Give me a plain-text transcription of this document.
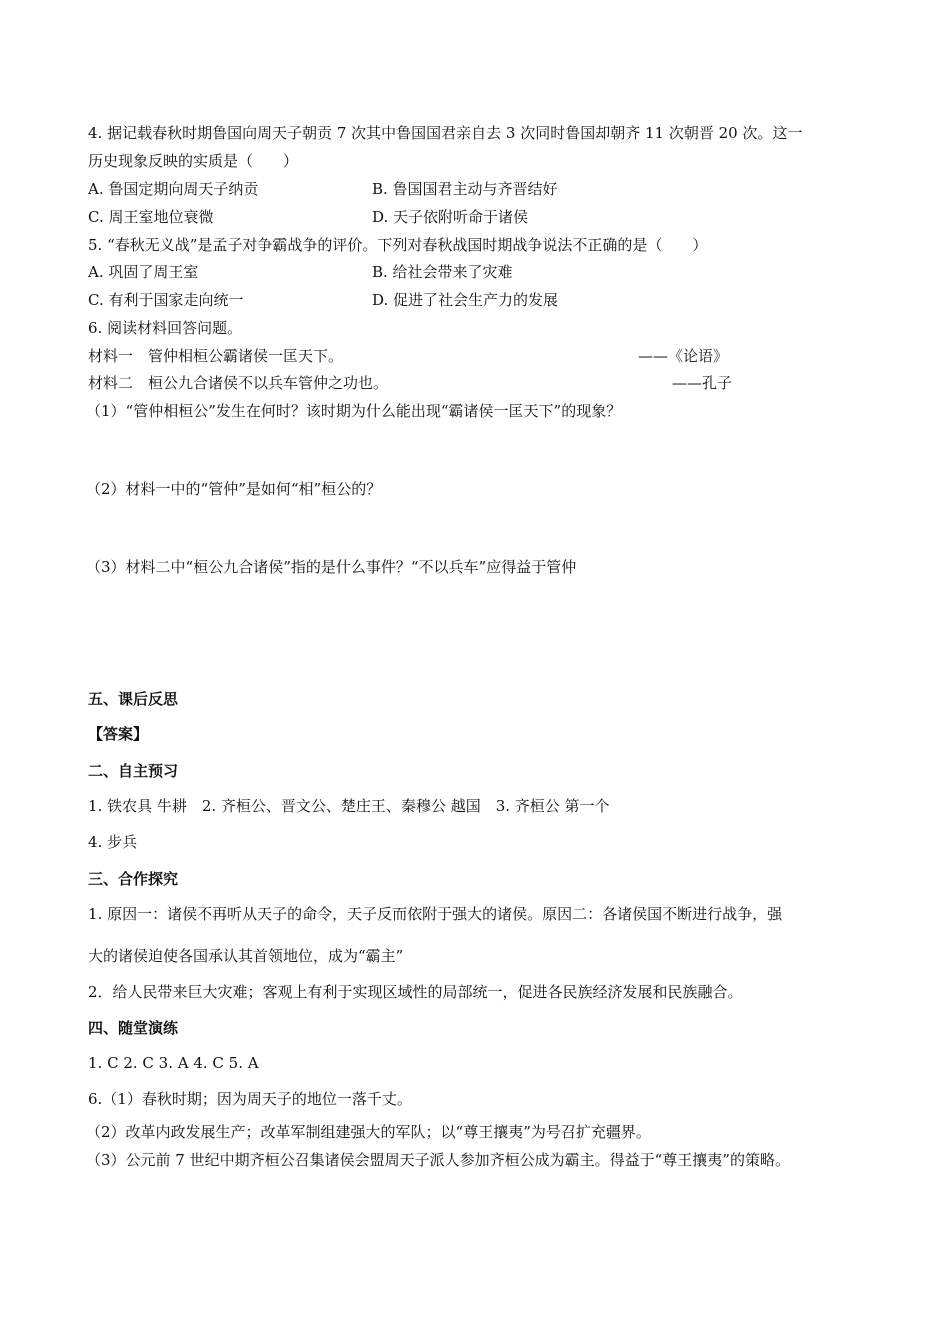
4. 据记载春秋时期鲁国向周天子朝贡 7 次其中鲁国国君亲自去 3 次同时鲁国却朝齐 11 次朝晋 20 次。这一
历史现象反映的实质是（　　）
A. 鲁国定期向周天子纳贡	B. 鲁国国君主动与齐晋结好
C. 周王室地位衰微	D. 天子依附听命于诸侯
5. “春秋无义战”是孟子对争霸战争的评价。下列对春秋战国时期战争说法不正确的是（　　）
A. 巩固了周王室	B. 给社会带来了灾难
C. 有利于国家走向统一	D. 促进了社会生产力的发展
6. 阅读材料回答问题。
材料一　管仲相桓公霸诸侯一匡天下。	——《论语》
材料二　桓公九合诸侯不以兵车管仲之功也。	——孔子
（1）“管仲相桓公”发生在何时？该时期为什么能出现“霸诸侯一匡天下”的现象？
（2）材料一中的“管仲”是如何“相”桓公的？
（3）材料二中“桓公九合诸侯”指的是什么事件？“不以兵车”应得益于管仲
五、课后反思
【答案】
二、自主预习
1. 铁农具 牛耕　2. 齐桓公、晋文公、楚庄王、秦穆公 越国　3. 齐桓公 第一个
4. 步兵
三、合作探究
1. 原因一：诸侯不再听从天子的命令，天子反而依附于强大的诸侯。原因二：各诸侯国不断进行战争，强
大的诸侯迫使各国承认其首领地位，成为“霸主”
2．给人民带来巨大灾难；客观上有利于实现区域性的局部统一，促进各民族经济发展和民族融合。
四、随堂演练
1. C 2. C 3. A 4. C 5. A
6.（1）春秋时期；因为周天子的地位一落千丈。
（2）改革内政发展生产；改革军制组建强大的军队；以“尊王攘夷”为号召扩充疆界。
（3）公元前 7 世纪中期齐桓公召集诸侯会盟周天子派人参加齐桓公成为霸主。得益于“尊王攘夷”的策略。
